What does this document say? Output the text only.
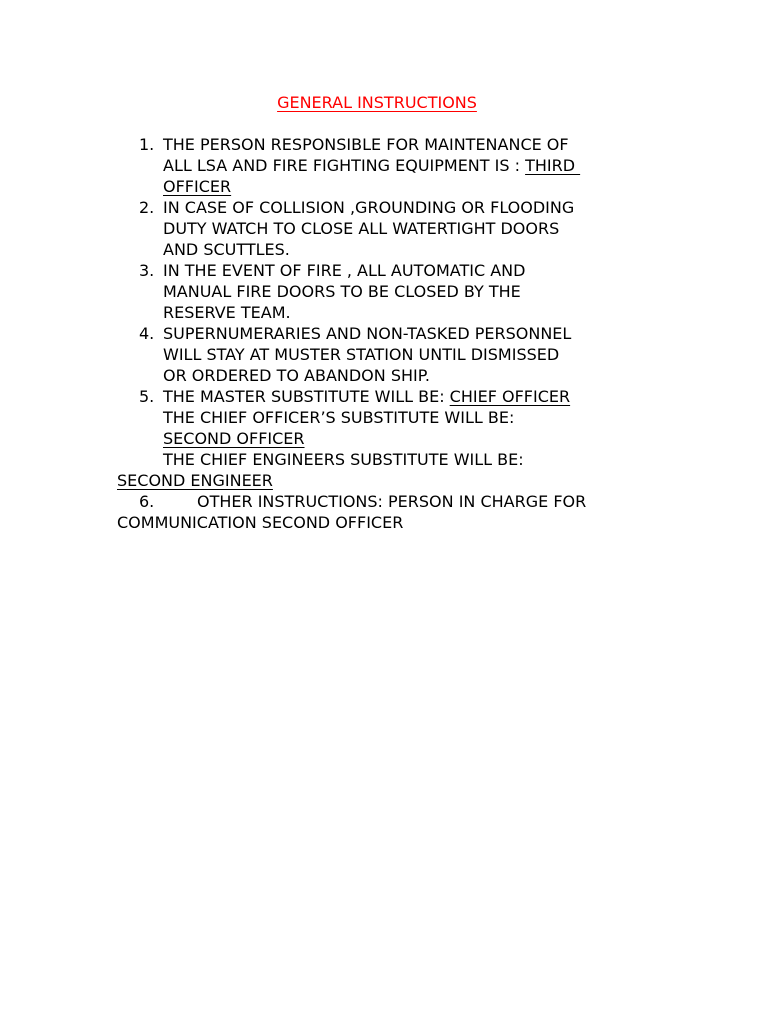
GENERAL INSTRUCTIONS
1. THE PERSON RESPONSIBLE FOR MAINTENANCE OF
ALL LSA AND FIRE FIGHTING EQUIPMENT IS : THIRD
OFFICER
2. IN CASE OF COLLISION ,GROUNDING OR FLOODING
DUTY WATCH TO CLOSE ALL WATERTIGHT DOORS
AND SCUTTLES.
3. IN THE EVENT OF FIRE , ALL AUTOMATIC AND
MANUAL FIRE DOORS TO BE CLOSED BY THE
RESERVE TEAM.
4. SUPERNUMERARIES AND NON-TASKED PERSONNEL
WILL STAY AT MUSTER STATION UNTIL DISMISSED
OR ORDERED TO ABANDON SHIP.
5. THE MASTER SUBSTITUTE WILL BE: CHIEF OFFICER
THE CHIEF OFFICER’S SUBSTITUTE WILL BE:
SECOND OFFICER
THE CHIEF ENGINEERS SUBSTITUTE WILL BE:
SECOND ENGINEER
6.	OTHER INSTRUCTIONS: PERSON IN CHARGE FOR
COMMUNICATION SECOND OFFICER
